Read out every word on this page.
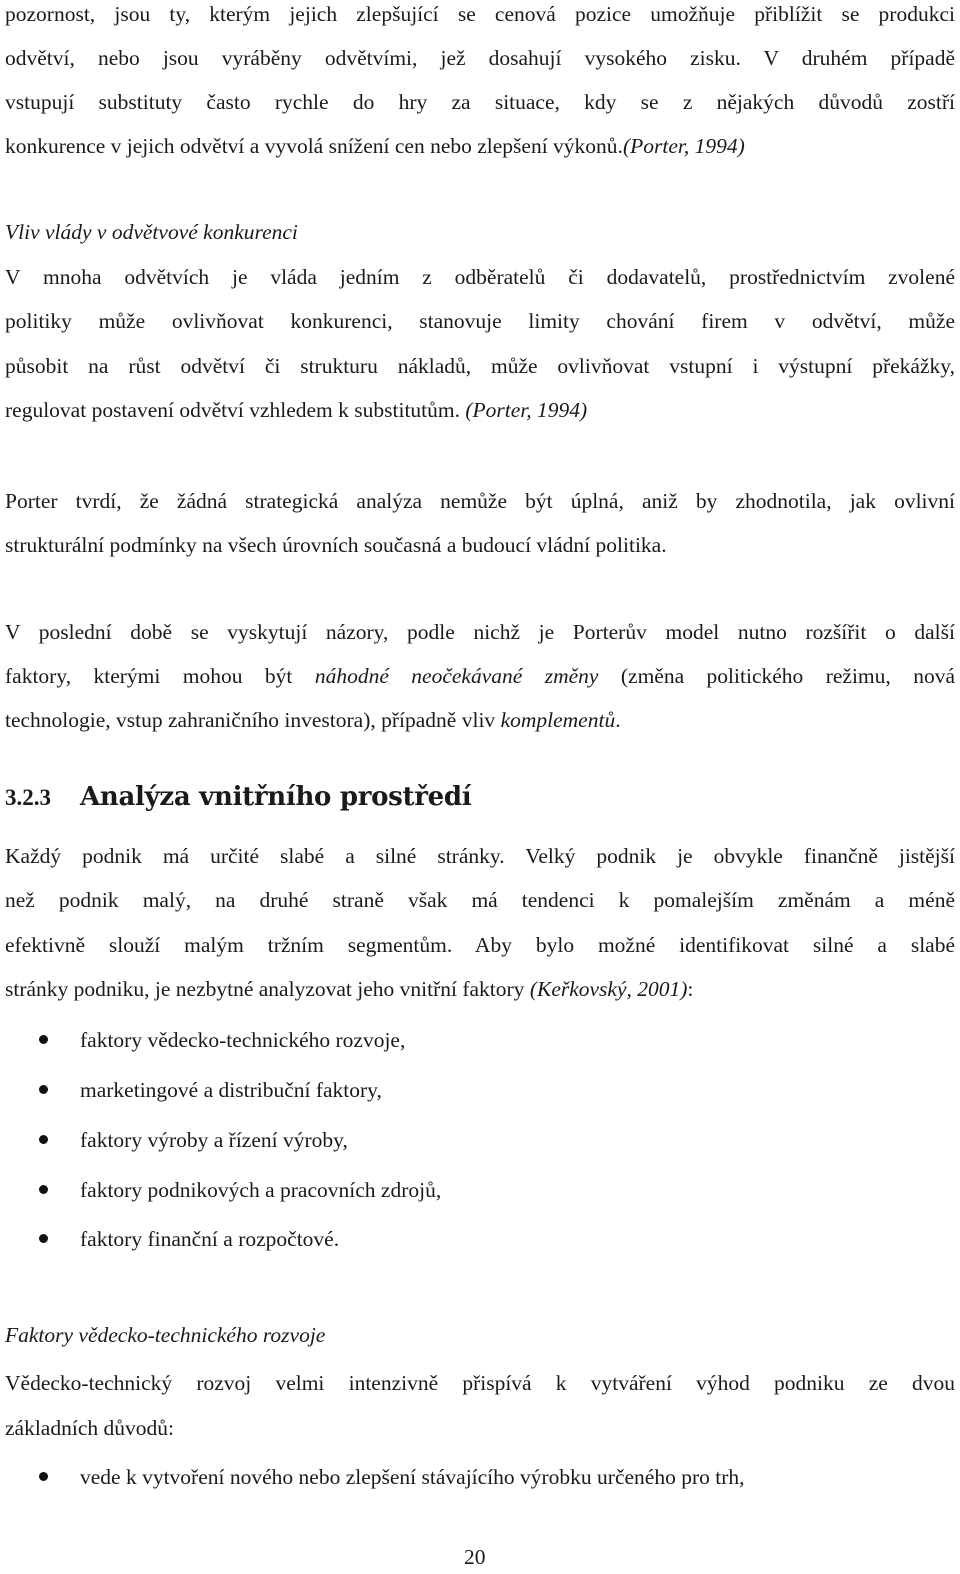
pozornost, jsou ty, kterým jejich zlepšující se cenová pozice umožňuje přiblížit se produkci
odvětví, nebo jsou vyráběny odvětvími, jež dosahují vysokého zisku. V druhém případě
vstupují substituty často rychle do hry za situace, kdy se z nějakých důvodů zostří
konkurence v jejich odvětví a vyvolá snížení cen nebo zlepšení výkonů.(Porter, 1994)
Vliv vlády v odvětvové konkurenci
V mnoha odvětvích je vláda jedním z odběratelů či dodavatelů, prostřednictvím zvolené
politiky může ovlivňovat konkurenci, stanovuje limity chování firem v odvětví, může
působit na růst odvětví či strukturu nákladů, může ovlivňovat vstupní i výstupní překážky,
regulovat postavení odvětví vzhledem k substitutům. (Porter, 1994)
Porter tvrdí, že žádná strategická analýza nemůže být úplná, aniž by zhodnotila, jak ovlivní
strukturální podmínky na všech úrovních současná a budoucí vládní politika.
V poslední době se vyskytují názory, podle nichž je Porterův model nutno rozšířit o další
faktory, kterými mohou být náhodné neočekávané změny (změna politického režimu, nová
technologie, vstup zahraničního investora), případně vliv komplementů.
3.2.3 Analýza vnitřního prostředí
Každý podnik má určité slabé a silné stránky. Velký podnik je obvykle finančně jistější
než podnik malý, na druhé straně však má tendenci k pomalejším změnám a méně
efektivně slouží malým tržním segmentům. Aby bylo možné identifikovat silné a slabé
stránky podniku, je nezbytné analyzovat jeho vnitřní faktory (Keřkovský, 2001):
faktory vědecko-technického rozvoje,
marketingové a distribuční faktory,
faktory výroby a řízení výroby,
faktory podnikových a pracovních zdrojů,
faktory finanční a rozpočtové.
Faktory vědecko-technického rozvoje
Vědecko-technický rozvoj velmi intenzivně přispívá k vytváření výhod podniku ze dvou
základních důvodů:
vede k vytvoření nového nebo zlepšení stávajícího výrobku určeného pro trh,
20
